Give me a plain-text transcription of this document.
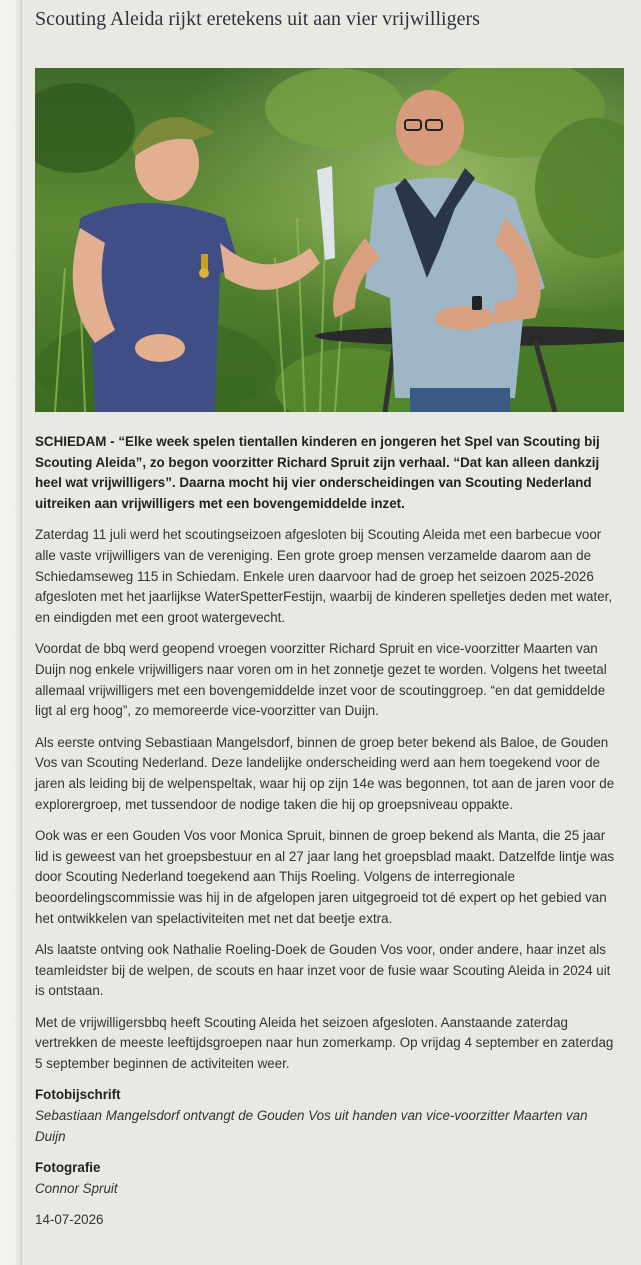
Scouting Aleida rijkt eretekens uit aan vier vrijwilligers

SCHIEDAM - “Elke week spelen tientallen kinderen en jongeren het Spel van Scouting bij Scouting Aleida”, zo begon voorzitter Richard Spruit zijn verhaal. “Dat kan alleen dankzij heel wat vrijwilligers”. Daarna mocht hij vier onderscheidingen van Scouting Nederland uitreiken aan vrijwilligers met een bovengemiddelde inzet.

Zaterdag 11 juli werd het scoutingseizoen afgesloten bij Scouting Aleida met een barbecue voor alle vaste vrijwilligers van de vereniging. Een grote groep mensen verzamelde daarom aan de Schiedamseweg 115 in Schiedam. Enkele uren daarvoor had de groep het seizoen 2025-2026 afgesloten met het jaarlijkse WaterSpetterFestijn, waarbij de kinderen spelletjes deden met water, en eindigden met een groot watergevecht.

Voordat de bbq werd geopend vroegen voorzitter Richard Spruit en vice-voorzitter Maarten van Duijn nog enkele vrijwilligers naar voren om in het zonnetje gezet te worden. Volgens het tweetal allemaal vrijwilligers met een bovengemiddelde inzet voor de scoutinggroep. “en dat gemiddelde ligt al erg hoog”, zo memoreerde vice-voorzitter van Duijn.

Als eerste ontving Sebastiaan Mangelsdorf, binnen de groep beter bekend als Baloe, de Gouden Vos van Scouting Nederland. Deze landelijke onderscheiding werd aan hem toegekend voor de jaren als leiding bij de welpenspeltak, waar hij op zijn 14e was begonnen, tot aan de jaren voor de explorergroep, met tussendoor de nodige taken die hij op groepsniveau oppakte.

Ook was er een Gouden Vos voor Monica Spruit, binnen de groep bekend als Manta, die 25 jaar lid is geweest van het groepsbestuur en al 27 jaar lang het groepsblad maakt. Datzelfde lintje was door Scouting Nederland toegekend aan Thijs Roeling. Volgens de interregionale beoordelingscommissie was hij in de afgelopen jaren uitgegroeid tot dé expert op het gebied van het ontwikkelen van spelactiviteiten met net dat beetje extra.

Als laatste ontving ook Nathalie Roeling-Doek de Gouden Vos voor, onder andere, haar inzet als teamleidster bij de welpen, de scouts en haar inzet voor de fusie waar Scouting Aleida in 2024 uit is ontstaan.

Met de vrijwilligersbbq heeft Scouting Aleida het seizoen afgesloten. Aanstaande zaterdag vertrekken de meeste leeftijdsgroepen naar hun zomerkamp. Op vrijdag 4 september en zaterdag 5 september beginnen de activiteiten weer.

Fotobijschrift

Sebastiaan Mangelsdorf ontvangt de Gouden Vos uit handen van vice-voorzitter Maarten van Duijn

Fotografie

Connor Spruit

14-07-2026
